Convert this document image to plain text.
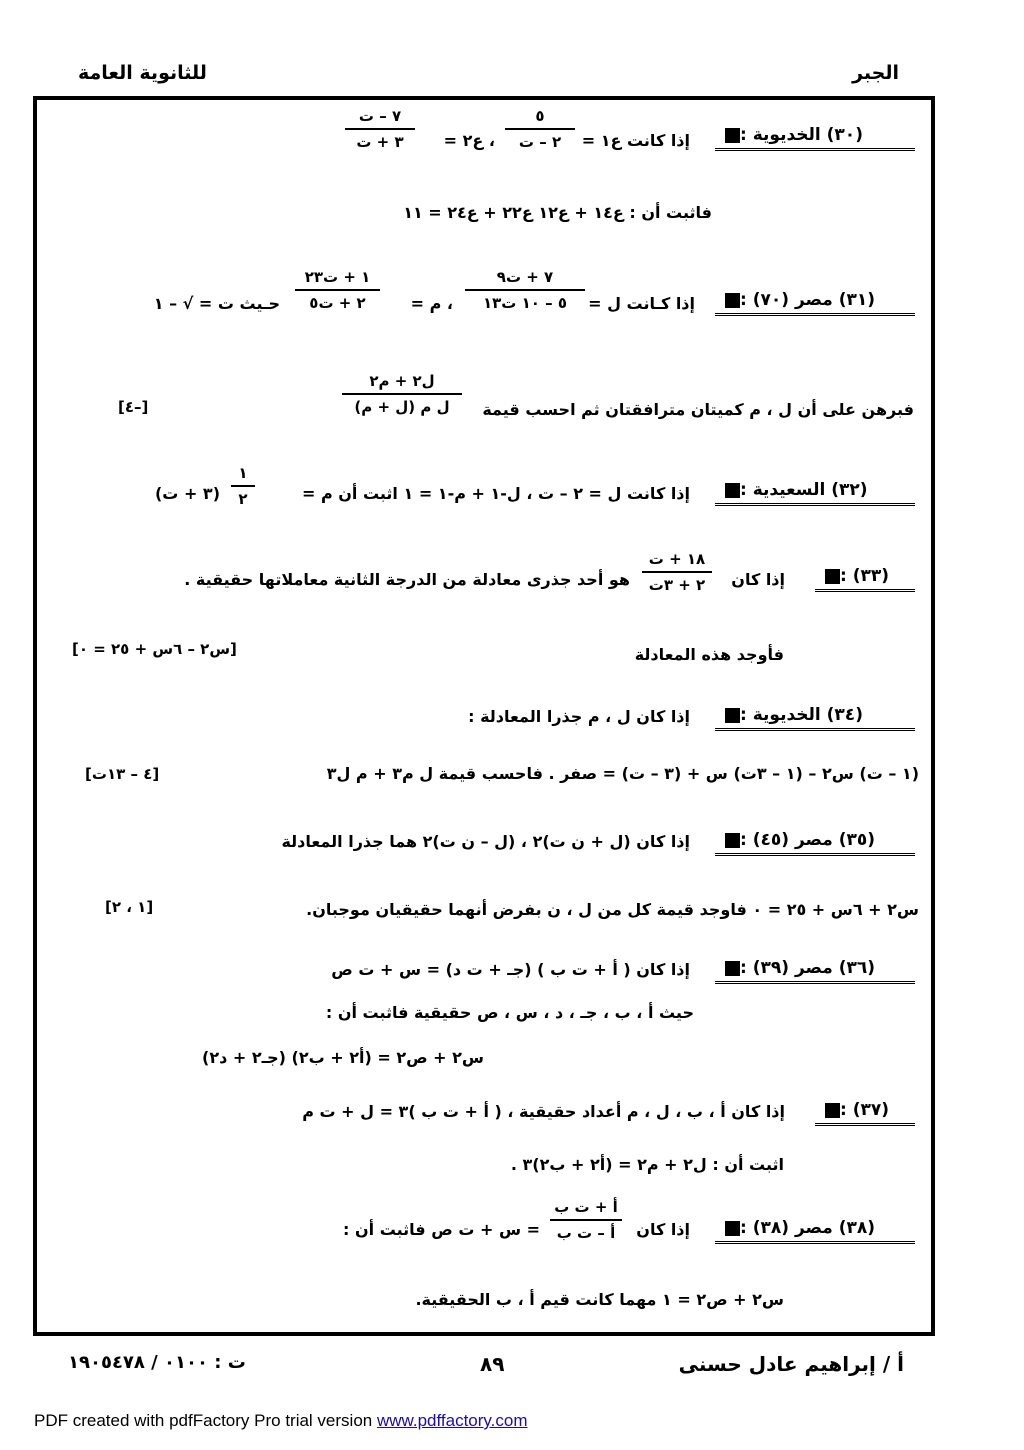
للثانوية العامة	الجبر
(٣٠) الخديوية :
إذا كانت ع١ =
٥
٢ – ت
، ع٢ =
٧ – ت
٣ + ت
فاثبت أن : ع١٤ + ع١٢ ع٢٢ + ع٢٤ = ١١
(٣١) مصر (٧٠) :
إذا كـانت ل =
٧ + ت٩
٥ – ١٠ ت١٣
، م =
١ + ت٢٣
٢ + ت٥
حـيث ت = √ – ١
فبرهن على أن ل ، م كميتان مترافقتان ثم احسب قيمة
ل٢ + م٢
ل م (ل + م)
[–٤]
(٣٢) السعيدية :
إذا كانت ل = ٢ – ت ، ل-١ + م-١ = ١ اثبت أن م =
١
٢
(٣ + ت)
(٣٣) :
إذا كان
١٨ + ت
٢ + ٣ت
هو أحد جذرى معادلة من الدرجة الثانية معاملاتها حقيقية .
فأوجد هذه المعادلة
[س٢ – ٦س + ٢٥ = ٠]
(٣٤) الخديوية :
إذا كان ل ، م جذرا المعادلة :
(١ – ت) س٢ – (١ – ٣ت) س + (٣ – ت) = صفر . فاحسب قيمة ل م٣ + م ل٣
[٤ – ١٣ت]
(٣٥) مصر (٤٥) :
إذا كان (ل + ن ت)٢ ، (ل – ن ت)٢ هما جذرا المعادلة
س٢ + ٦س + ٢٥ = ٠ فاوجد قيمة كل من ل ، ن بفرض أنهما حقيقيان موجبان.
[١ ، ٢]
(٣٦) مصر (٣٩) :
إذا كان ( أ + ت ب ) (جـ + ت د) = س + ت ص
حيث أ ، ب ، جـ ، د ، س ، ص حقيقية فاثبت أن :
س٢ + ص٢ = (أ٢ + ب٢) (جـ٢ + د٢)
(٣٧) :
إذا كان أ ، ب ، ل ، م أعداد حقيقية ، ( أ + ت ب )٣ = ل + ت م
اثبت أن : ل٢ + م٢ = (أ٢ + ب٢)٣ .
(٣٨) مصر (٣٨) :
إذا كان
أ + ت ب
أ – ت ب
= س + ت ص فاثبت أن :
س٢ + ص٢ = ١ مهما كانت قيم أ ، ب الحقيقية.
أ / إبراهيم عادل حسنى
٨٩
ت : ٠١٠٠ / ١٩٠٥٤٧٨
PDF created with pdfFactory Pro trial version www.pdffactory.com
